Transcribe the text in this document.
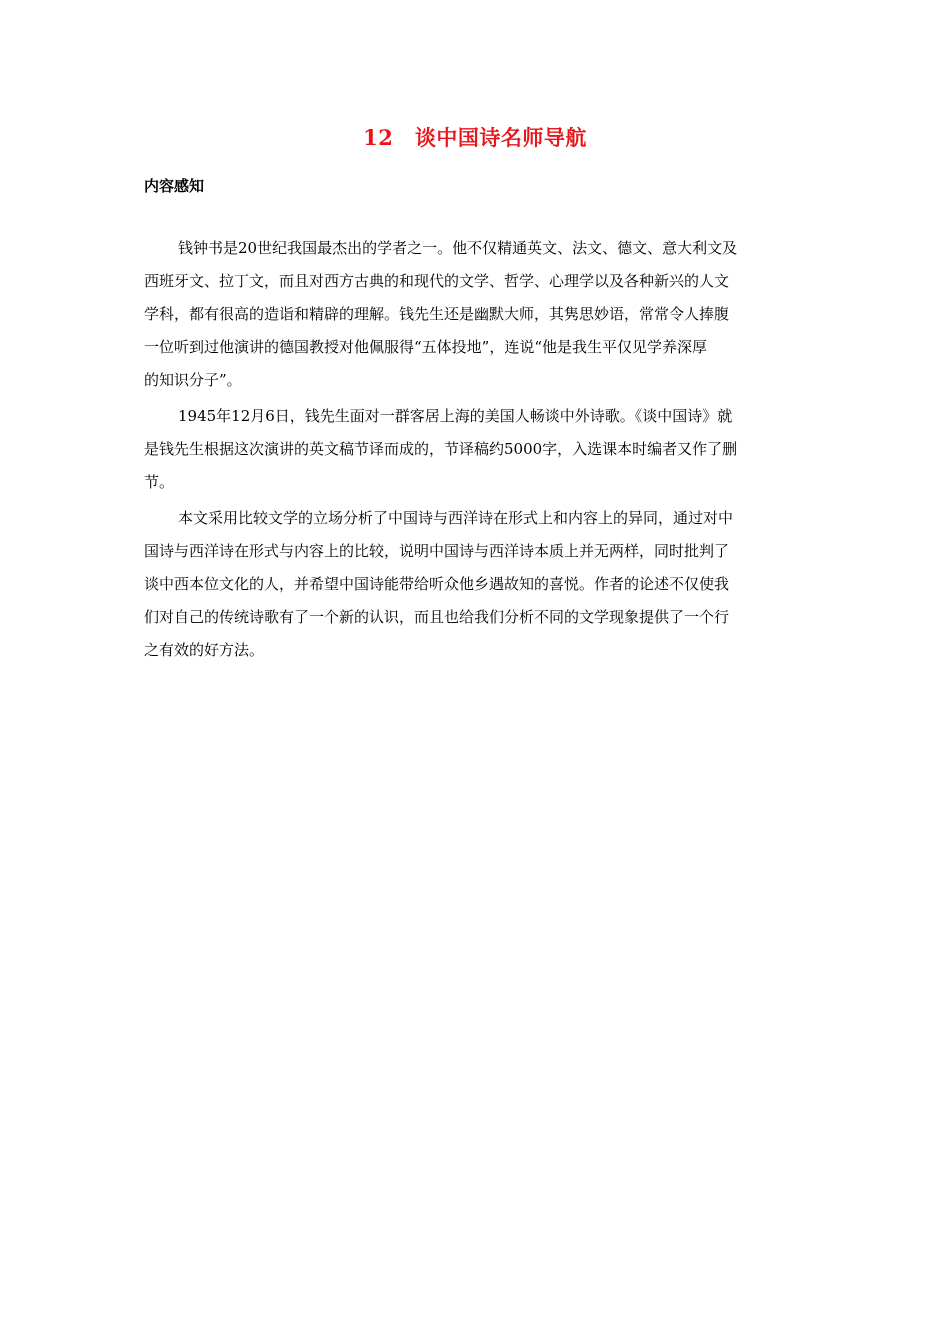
12　谈中国诗名师导航
内容感知

钱钟书是20世纪我国最杰出的学者之一。他不仅精通英文、法文、德文、意大利文及
西班牙文、拉丁文，而且对西方古典的和现代的文学、哲学、心理学以及各种新兴的人文
学科，都有很高的造诣和精辟的理解。钱先生还是幽默大师，其隽思妙语，常常令人捧腹
一位听到过他演讲的德国教授对他佩服得“五体投地”，连说“他是我生平仅见学养深厚
的知识分子”。

1945年12月6日，钱先生面对一群客居上海的美国人畅谈中外诗歌。《谈中国诗》就
是钱先生根据这次演讲的英文稿节译而成的，节译稿约5000字，入选课本时编者又作了删
节。

本文采用比较文学的立场分析了中国诗与西洋诗在形式上和内容上的异同，通过对中
国诗与西洋诗在形式与内容上的比较，说明中国诗与西洋诗本质上并无两样，同时批判了
谈中西本位文化的人，并希望中国诗能带给听众他乡遇故知的喜悦。作者的论述不仅使我
们对自己的传统诗歌有了一个新的认识，而且也给我们分析不同的文学现象提供了一个行
之有效的好方法。
